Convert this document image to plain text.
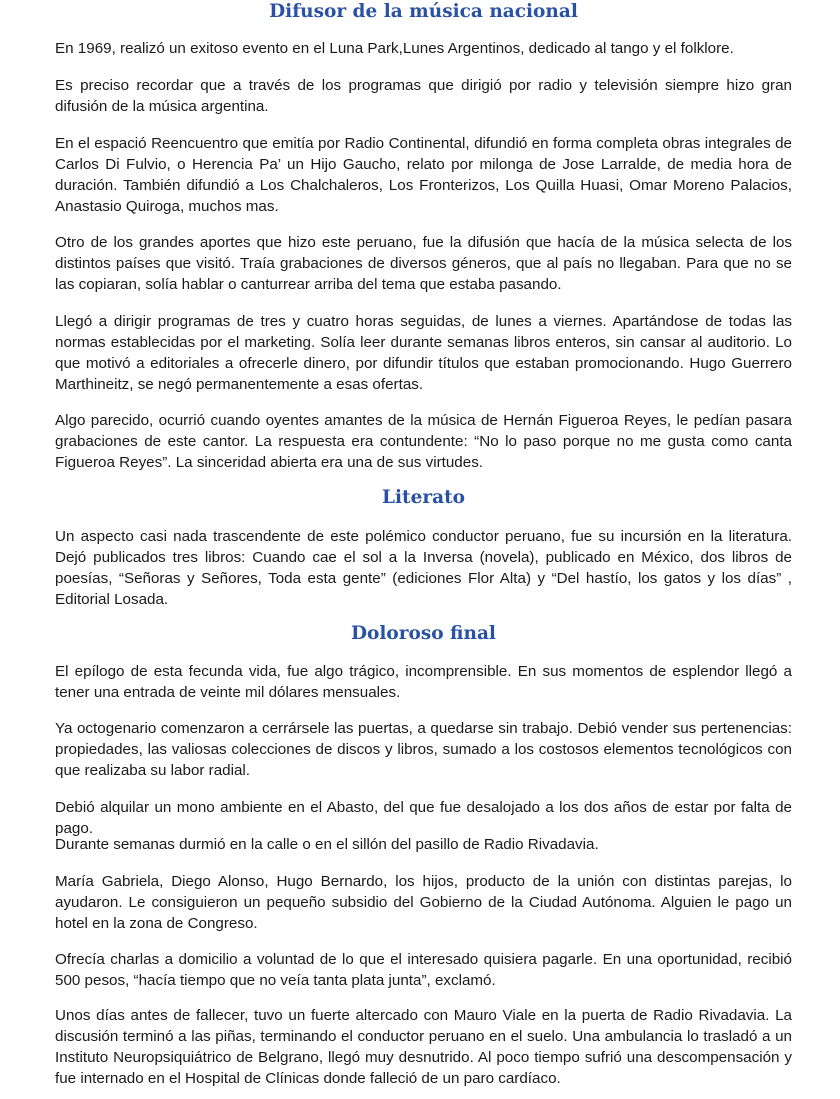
Difusor de la música nacional

En 1969, realizó un exitoso evento en el Luna Park,Lunes Argentinos, dedicado al tango y el folklore.

Es preciso recordar que a través de los programas que dirigió por radio y televisión siempre hizo gran difusión de la música argentina.

En el espació Reencuentro que emitía por Radio Continental, difundió en forma completa obras integrales de Carlos Di Fulvio, o Herencia Pa’ un Hijo Gaucho, relato por milonga de Jose Larralde, de media hora de duración. También difundió a Los Chalchaleros, Los Fronterizos, Los Quilla Huasi, Omar Moreno Palacios, Anastasio Quiroga, muchos mas.

Otro de los grandes aportes que hizo este peruano, fue la difusión que hacía de la música selecta de los distintos países que visitó. Traía grabaciones de diversos géneros, que al país no llegaban. Para que no se las copiaran, solía hablar o canturrear arriba del tema que estaba pasando.

Llegó a dirigir programas de tres y cuatro horas seguidas, de lunes a viernes. Apartándose de todas las normas establecidas por el marketing. Solía leer durante semanas libros enteros, sin cansar al auditorio. Lo que motivó a editoriales a ofrecerle dinero, por difundir títulos que estaban promocionando. Hugo Guerrero Marthineitz, se negó permanentemente a esas ofertas.

Algo parecido, ocurrió cuando oyentes amantes de la música de Hernán Figueroa Reyes, le pedían pasara grabaciones de este cantor. La respuesta era contundente: “No lo paso porque no me gusta como canta Figueroa Reyes”. La sinceridad abierta era una de sus virtudes.

Literato

Un aspecto casi nada trascendente de este polémico conductor peruano, fue su incursión en la literatura. Dejó publicados tres libros: Cuando cae el sol a la Inversa (novela), publicado en México, dos libros de poesías, “Señoras y Señores, Toda esta gente” (ediciones Flor Alta) y “Del hastío, los gatos y los días” , Editorial Losada.

Doloroso final

El epílogo de esta fecunda vida, fue algo trágico, incomprensible. En sus momentos de esplendor llegó a tener una entrada de veinte mil dólares mensuales.

Ya octogenario comenzaron a cerrársele las puertas, a quedarse sin trabajo. Debió vender sus pertenencias: propiedades, las valiosas colecciones de discos y libros, sumado a los costosos elementos tecnológicos con que realizaba su labor radial.

Debió alquilar un mono ambiente en el Abasto, del que fue desalojado a los dos años de estar por falta de pago.

Durante semanas durmió en la calle o en el sillón del pasillo de Radio Rivadavia.

María Gabriela, Diego Alonso, Hugo Bernardo, los hijos, producto de la unión con distintas parejas, lo ayudaron. Le consiguieron un pequeño subsidio del Gobierno de la Ciudad Autónoma. Alguien le pago un hotel en la zona de Congreso.

Ofrecía charlas a domicilio a voluntad de lo que el interesado quisiera pagarle. En una oportunidad, recibió 500 pesos, “hacía tiempo que no veía tanta plata junta”, exclamó.

Unos días antes de fallecer, tuvo un fuerte altercado con Mauro Viale en la puerta de Radio Rivadavia. La discusión terminó a las piñas, terminando el conductor peruano en el suelo. Una ambulancia lo trasladó a un Instituto Neuropsiquiátrico de Belgrano, llegó muy desnutrido. Al poco tiempo sufrió una descompensación y fue internado en el Hospital de Clínicas donde falleció de un paro cardíaco.
